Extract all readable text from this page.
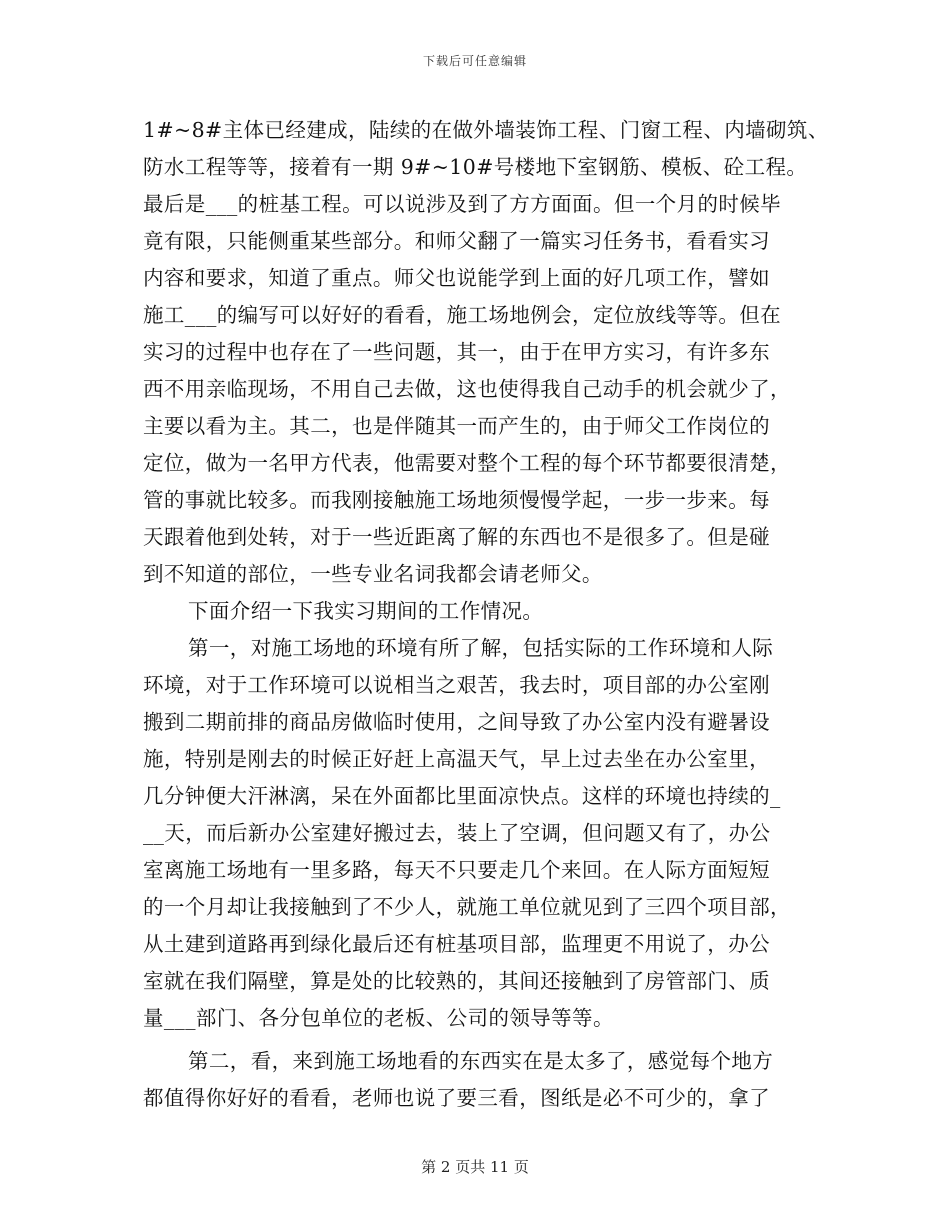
下载后可任意编辑
1#~8#主体已经建成，陆续的在做外墙装饰工程、门窗工程、内墙砌筑、
防水工程等等，接着有一期 9#~10#号楼地下室钢筋、模板、砼工程。
最后是___的桩基工程。可以说涉及到了方方面面。但一个月的时候毕
竟有限，只能侧重某些部分。和师父翻了一篇实习任务书，看看实习
内容和要求，知道了重点。师父也说能学到上面的好几项工作，譬如
施工___的编写可以好好的看看，施工场地例会，定位放线等等。但在
实习的过程中也存在了一些问题，其一，由于在甲方实习，有许多东
西不用亲临现场，不用自己去做，这也使得我自己动手的机会就少了，
主要以看为主。其二，也是伴随其一而产生的，由于师父工作岗位的
定位，做为一名甲方代表，他需要对整个工程的每个环节都要很清楚，
管的事就比较多。而我刚接触施工场地须慢慢学起，一步一步来。每
天跟着他到处转，对于一些近距离了解的东西也不是很多了。但是碰
到不知道的部位，一些专业名词我都会请老师父。
下面介绍一下我实习期间的工作情况。
第一，对施工场地的环境有所了解，包括实际的工作环境和人际
环境，对于工作环境可以说相当之艰苦，我去时，项目部的办公室刚
搬到二期前排的商品房做临时使用，之间导致了办公室内没有避暑设
施，特别是刚去的时候正好赶上高温天气，早上过去坐在办公室里，
几分钟便大汗淋漓，呆在外面都比里面凉快点。这样的环境也持续的_
__天，而后新办公室建好搬过去，装上了空调，但问题又有了，办公
室离施工场地有一里多路，每天不只要走几个来回。在人际方面短短
的一个月却让我接触到了不少人，就施工单位就见到了三四个项目部，
从土建到道路再到绿化最后还有桩基项目部，监理更不用说了，办公
室就在我们隔壁，算是处的比较熟的，其间还接触到了房管部门、质
量___部门、各分包单位的老板、公司的领导等等。
第二，看，来到施工场地看的东西实在是太多了，感觉每个地方
都值得你好好的看看，老师也说了要三看，图纸是必不可少的，拿了
第 2 页共 11 页
